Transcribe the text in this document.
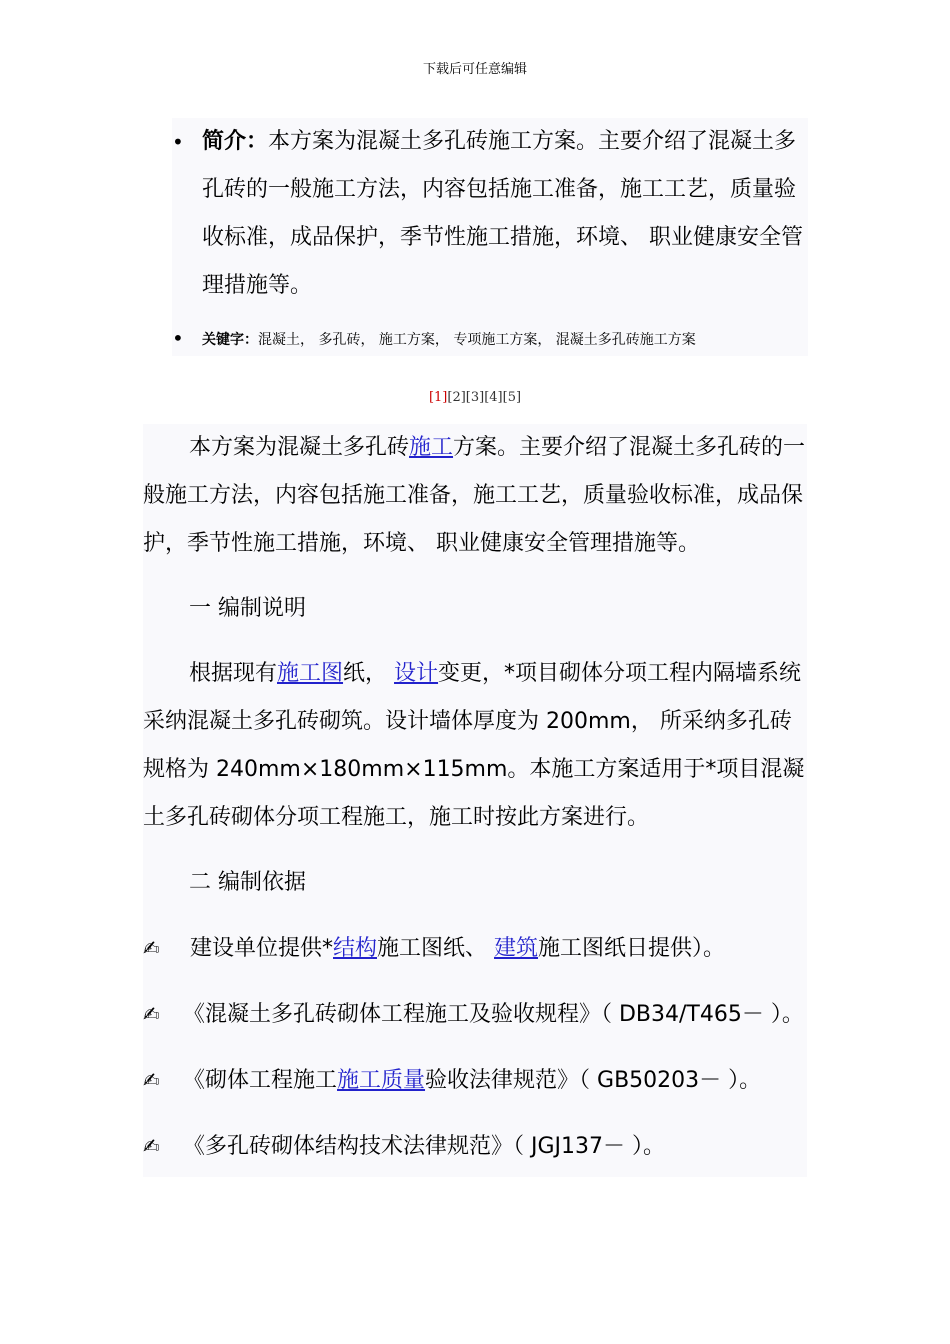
下载后可任意编辑
• 简介：本方案为混凝土多孔砖施工方案。主要介绍了混凝土多孔砖的一般施工方法，内容包括施工准备，施工工艺，质量验收标准，成品保护，季节性施工措施，环境、 职业健康安全管理措施等。
• 关键字：混凝土， 多孔砖， 施工方案， 专项施工方案， 混凝土多孔砖施工方案
[1][2][3][4][5]

本方案为混凝土多孔砖施工方案。主要介绍了混凝土多孔砖的一般施工方法，内容包括施工准备，施工工艺，质量验收标准，成品保护，季节性施工措施，环境、 职业健康安全管理措施等。

一 编制说明

根据现有施工图纸， 设计变更，*项目砌体分项工程内隔墙系统采纳混凝土多孔砖砌筑。设计墙体厚度为 200mm， 所采纳多孔砖规格为 240mm×180mm×115mm。本施工方案适用于*项目混凝土多孔砖砌体分项工程施工，施工时按此方案进行。

二 编制依据
✍ 建设单位提供*结构施工图纸、 建筑施工图纸日提供）。
✍ 《混凝土多孔砖砌体工程施工及验收规程》（ DB34/T465－ ）。
✍ 《砌体工程施工施工质量验收法律规范》（ GB50203－ ）。
✍ 《多孔砖砌体结构技术法律规范》（ JGJ137－ ）。
